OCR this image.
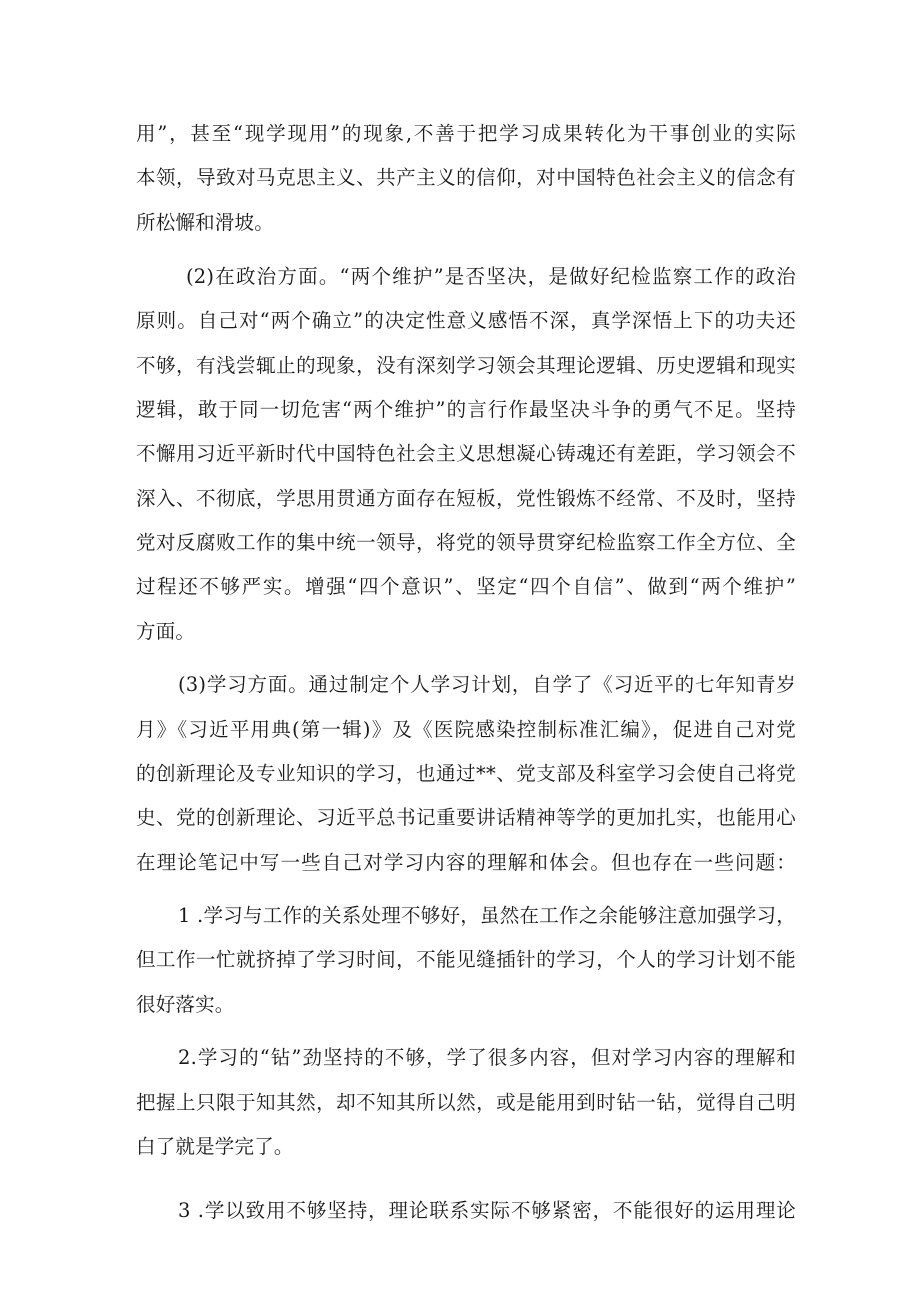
用”，甚至“现学现用”的现象,不善于把学习成果转化为干事创业的实际
本领，导致对马克思主义、共产主义的信仰，对中国特色社会主义的信念有
所松懈和滑坡。
(2)在政治方面。“两个维护”是否坚决，是做好纪检监察工作的政治
原则。自己对“两个确立”的决定性意义感悟不深，真学深悟上下的功夫还
不够，有浅尝辄止的现象，没有深刻学习领会其理论逻辑、历史逻辑和现实
逻辑，敢于同一切危害“两个维护”的言行作最坚决斗争的勇气不足。坚持
不懈用习近平新时代中国特色社会主义思想凝心铸魂还有差距，学习领会不
深入、不彻底，学思用贯通方面存在短板，党性锻炼不经常、不及时，坚持
党对反腐败工作的集中统一领导，将党的领导贯穿纪检监察工作全方位、全
过程还不够严实。增强“四个意识”、坚定“四个自信”、做到“两个维护”
方面。
(3)学习方面。通过制定个人学习计划，自学了《习近平的七年知青岁
月》《习近平用典(第一辑)》及《医院感染控制标准汇编》，促进自己对党
的创新理论及专业知识的学习，也通过**、党支部及科室学习会使自己将党
史、党的创新理论、习近平总书记重要讲话精神等学的更加扎实，也能用心
在理论笔记中写一些自己对学习内容的理解和体会。但也存在一些问题：
1 .学习与工作的关系处理不够好，虽然在工作之余能够注意加强学习，
但工作一忙就挤掉了学习时间，不能见缝插针的学习，个人的学习计划不能
很好落实。
2.学习的“钻”劲坚持的不够，学了很多内容，但对学习内容的理解和
把握上只限于知其然，却不知其所以然，或是能用到时钻一钻，觉得自己明
白了就是学完了。
3 .学以致用不够坚持，理论联系实际不够紧密，不能很好的运用理论
